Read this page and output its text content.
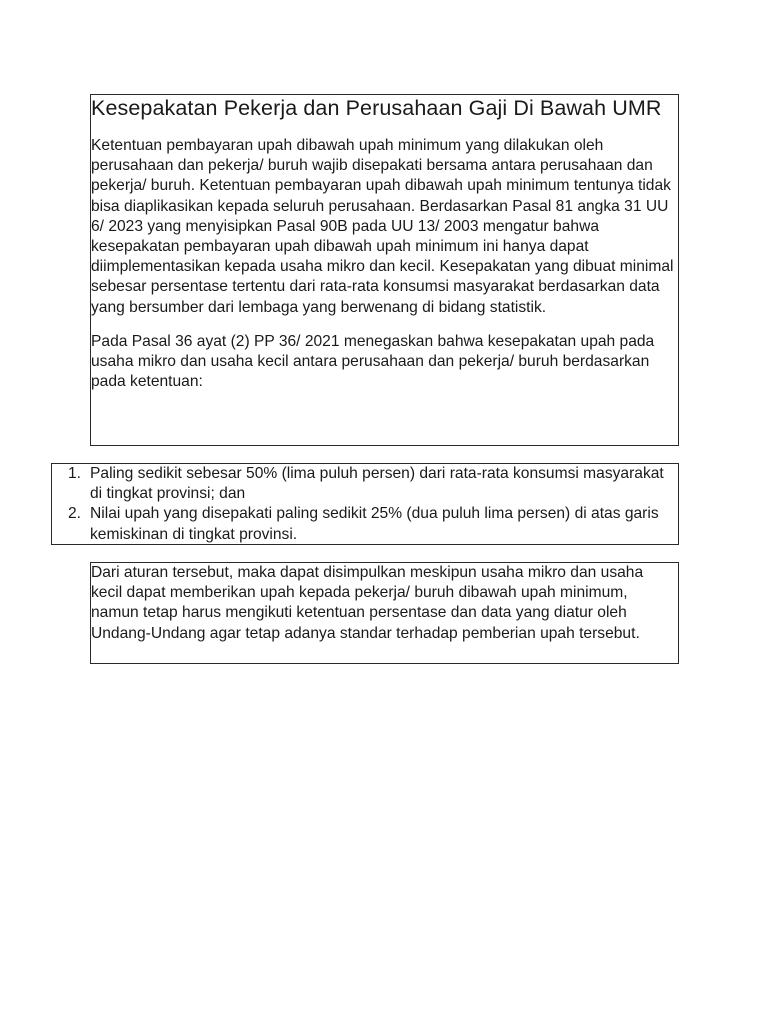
Kesepakatan Pekerja dan Perusahaan Gaji Di Bawah UMR

Ketentuan pembayaran upah dibawah upah minimum yang dilakukan oleh perusahaan dan pekerja/ buruh wajib disepakati bersama antara perusahaan dan pekerja/ buruh. Ketentuan pembayaran upah dibawah upah minimum tentunya tidak bisa diaplikasikan kepada seluruh perusahaan. Berdasarkan Pasal 81 angka 31 UU 6/ 2023 yang menyisipkan Pasal 90B pada UU 13/ 2003 mengatur bahwa kesepakatan pembayaran upah dibawah upah minimum ini hanya dapat diimplementasikan kepada usaha mikro dan kecil. Kesepakatan yang dibuat minimal sebesar persentase tertentu dari rata-rata konsumsi masyarakat berdasarkan data yang bersumber dari lembaga yang berwenang di bidang statistik.

Pada Pasal 36 ayat (2) PP 36/ 2021 menegaskan bahwa kesepakatan upah pada usaha mikro dan usaha kecil antara perusahaan dan pekerja/ buruh berdasarkan pada ketentuan:

1. Paling sedikit sebesar 50% (lima puluh persen) dari rata-rata konsumsi masyarakat di tingkat provinsi; dan
2. Nilai upah yang disepakati paling sedikit 25% (dua puluh lima persen) di atas garis kemiskinan di tingkat provinsi.

Dari aturan tersebut, maka dapat disimpulkan meskipun usaha mikro dan usaha kecil dapat memberikan upah kepada pekerja/ buruh dibawah upah minimum, namun tetap harus mengikuti ketentuan persentase dan data yang diatur oleh Undang-Undang agar tetap adanya standar terhadap pemberian upah tersebut.
